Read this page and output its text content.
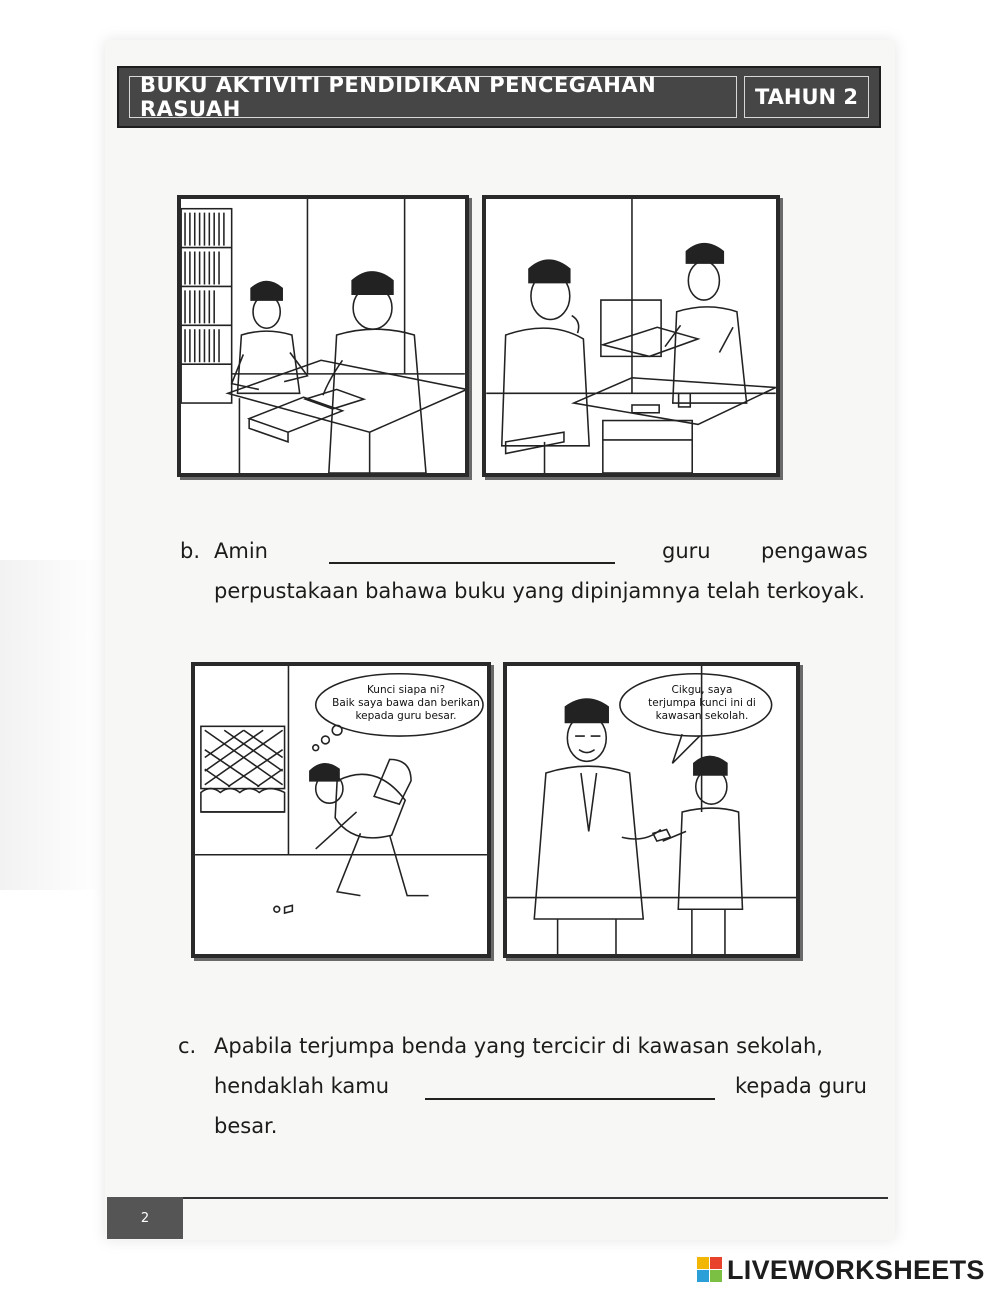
BUKU AKTIVITI PENDIDIKAN PENCEGAHAN RASUAH	TAHUN 2
b. Amin	guru pengawas
perpustakaan bahawa buku yang dipinjamnya telah terkoyak.
Kunci siapa ni?
Baik saya bawa dan berikan
kepada guru besar.
Cikgu, saya
terjumpa kunci ini di
kawasan sekolah.
c. Apabila terjumpa benda yang tercicir di kawasan sekolah,
hendaklah kamu	kepada guru
besar.
2
LIVEWORKSHEETS
